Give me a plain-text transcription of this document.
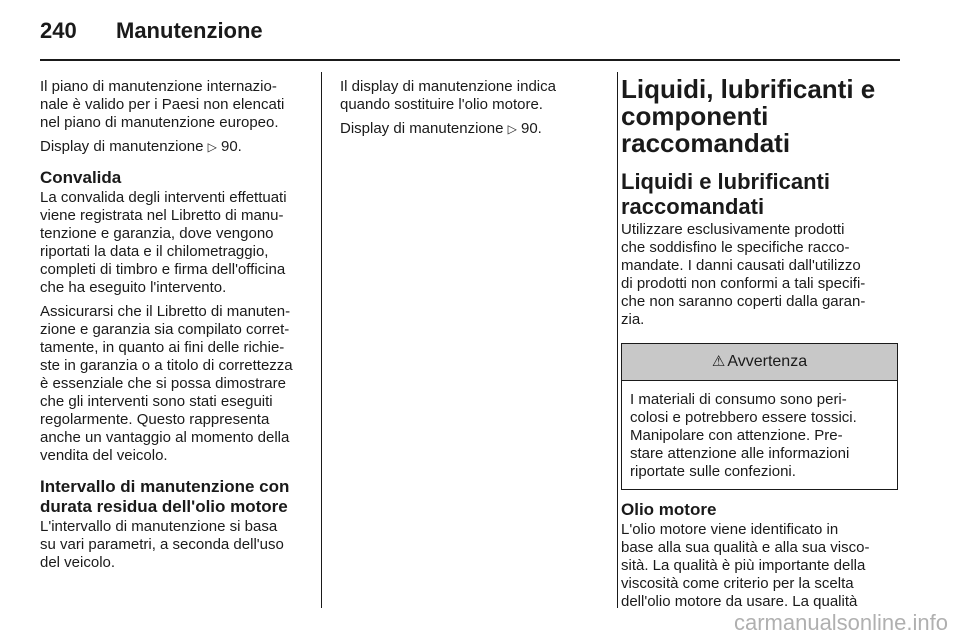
240 Manutenzione

Il piano di manutenzione internazio-
nale è valido per i Paesi non elencati
nel piano di manutenzione europeo.

Display di manutenzione ▷ 90.

Convalida

La convalida degli interventi effettuati
viene registrata nel Libretto di manu-
tenzione e garanzia, dove vengono
riportati la data e il chilometraggio,
completi di timbro e firma dell'officina
che ha eseguito l'intervento.

Assicurarsi che il Libretto di manuten-
zione e garanzia sia compilato corret-
tamente, in quanto ai fini delle richie-
ste in garanzia o a titolo di correttezza
è essenziale che si possa dimostrare
che gli interventi sono stati eseguiti
regolarmente. Questo rappresenta
anche un vantaggio al momento della
vendita del veicolo.

Intervallo di manutenzione con
durata residua dell'olio motore

L'intervallo di manutenzione si basa
su vari parametri, a seconda dell'uso
del veicolo.

Il display di manutenzione indica
quando sostituire l'olio motore.

Display di manutenzione ▷ 90.

Liquidi, lubrificanti e
componenti
raccomandati
Liquidi e lubrificanti
raccomandati

Utilizzare esclusivamente prodotti
che soddisfino le specifiche racco-
mandate. I danni causati dall'utilizzo
di prodotti non conformi a tali specifi-
che non saranno coperti dalla garan-
zia.

⚠ Avvertenza
I materiali di consumo sono peri-
colosi e potrebbero essere tossici.
Manipolare con attenzione. Pre-
stare attenzione alle informazioni
riportate sulle confezioni.
Olio motore

L'olio motore viene identificato in
base alla sua qualità e alla sua visco-
sità. La qualità è più importante della
viscosità come criterio per la scelta
dell'olio motore da usare. La qualità

carmanualsonline.info
